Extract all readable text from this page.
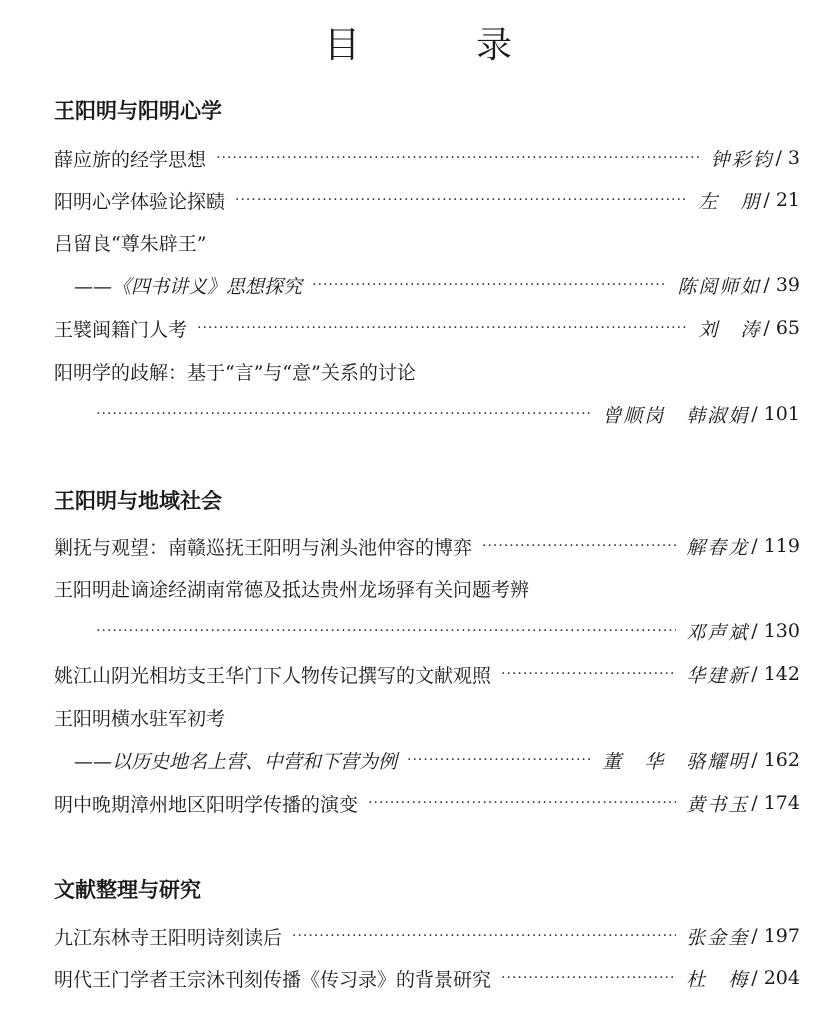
目　录
王阳明与阳明心学
薛应旂的经学思想 ·····	钟彩钧 / 3
阳明心学体验论探赜 ·····	左　朋 / 21
吕留良“尊朱辟王”
——《四书讲义》思想探究 ·····	陈阅师如 / 39
王襞闽籍门人考 ·····	刘　涛 / 65
阳明学的歧解：基于“言”与“意”关系的讨论
·····
曾顺岗　韩淑娟 / 101
王阳明与地域社会
剿抚与观望：南赣巡抚王阳明与浰头池仲容的博弈 ·····	解春龙 / 119
王阳明赴谪途经湖南常德及抵达贵州龙场驿有关问题考辨
·····
邓声斌 / 130
姚江山阴光相坊支王华门下人物传记撰写的文献观照 ·····	华建新 / 142
王阳明横水驻军初考
——以历史地名上营、中营和下营为例 ·····	董　华　骆耀明 / 162
明中晚期漳州地区阳明学传播的演变 ·····	黄书玉 / 174
文献整理与研究
九江东林寺王阳明诗刻读后 ·····	张金奎 / 197
明代王门学者王宗沐刊刻传播《传习录》的背景研究 ·····	杜　梅 / 204
